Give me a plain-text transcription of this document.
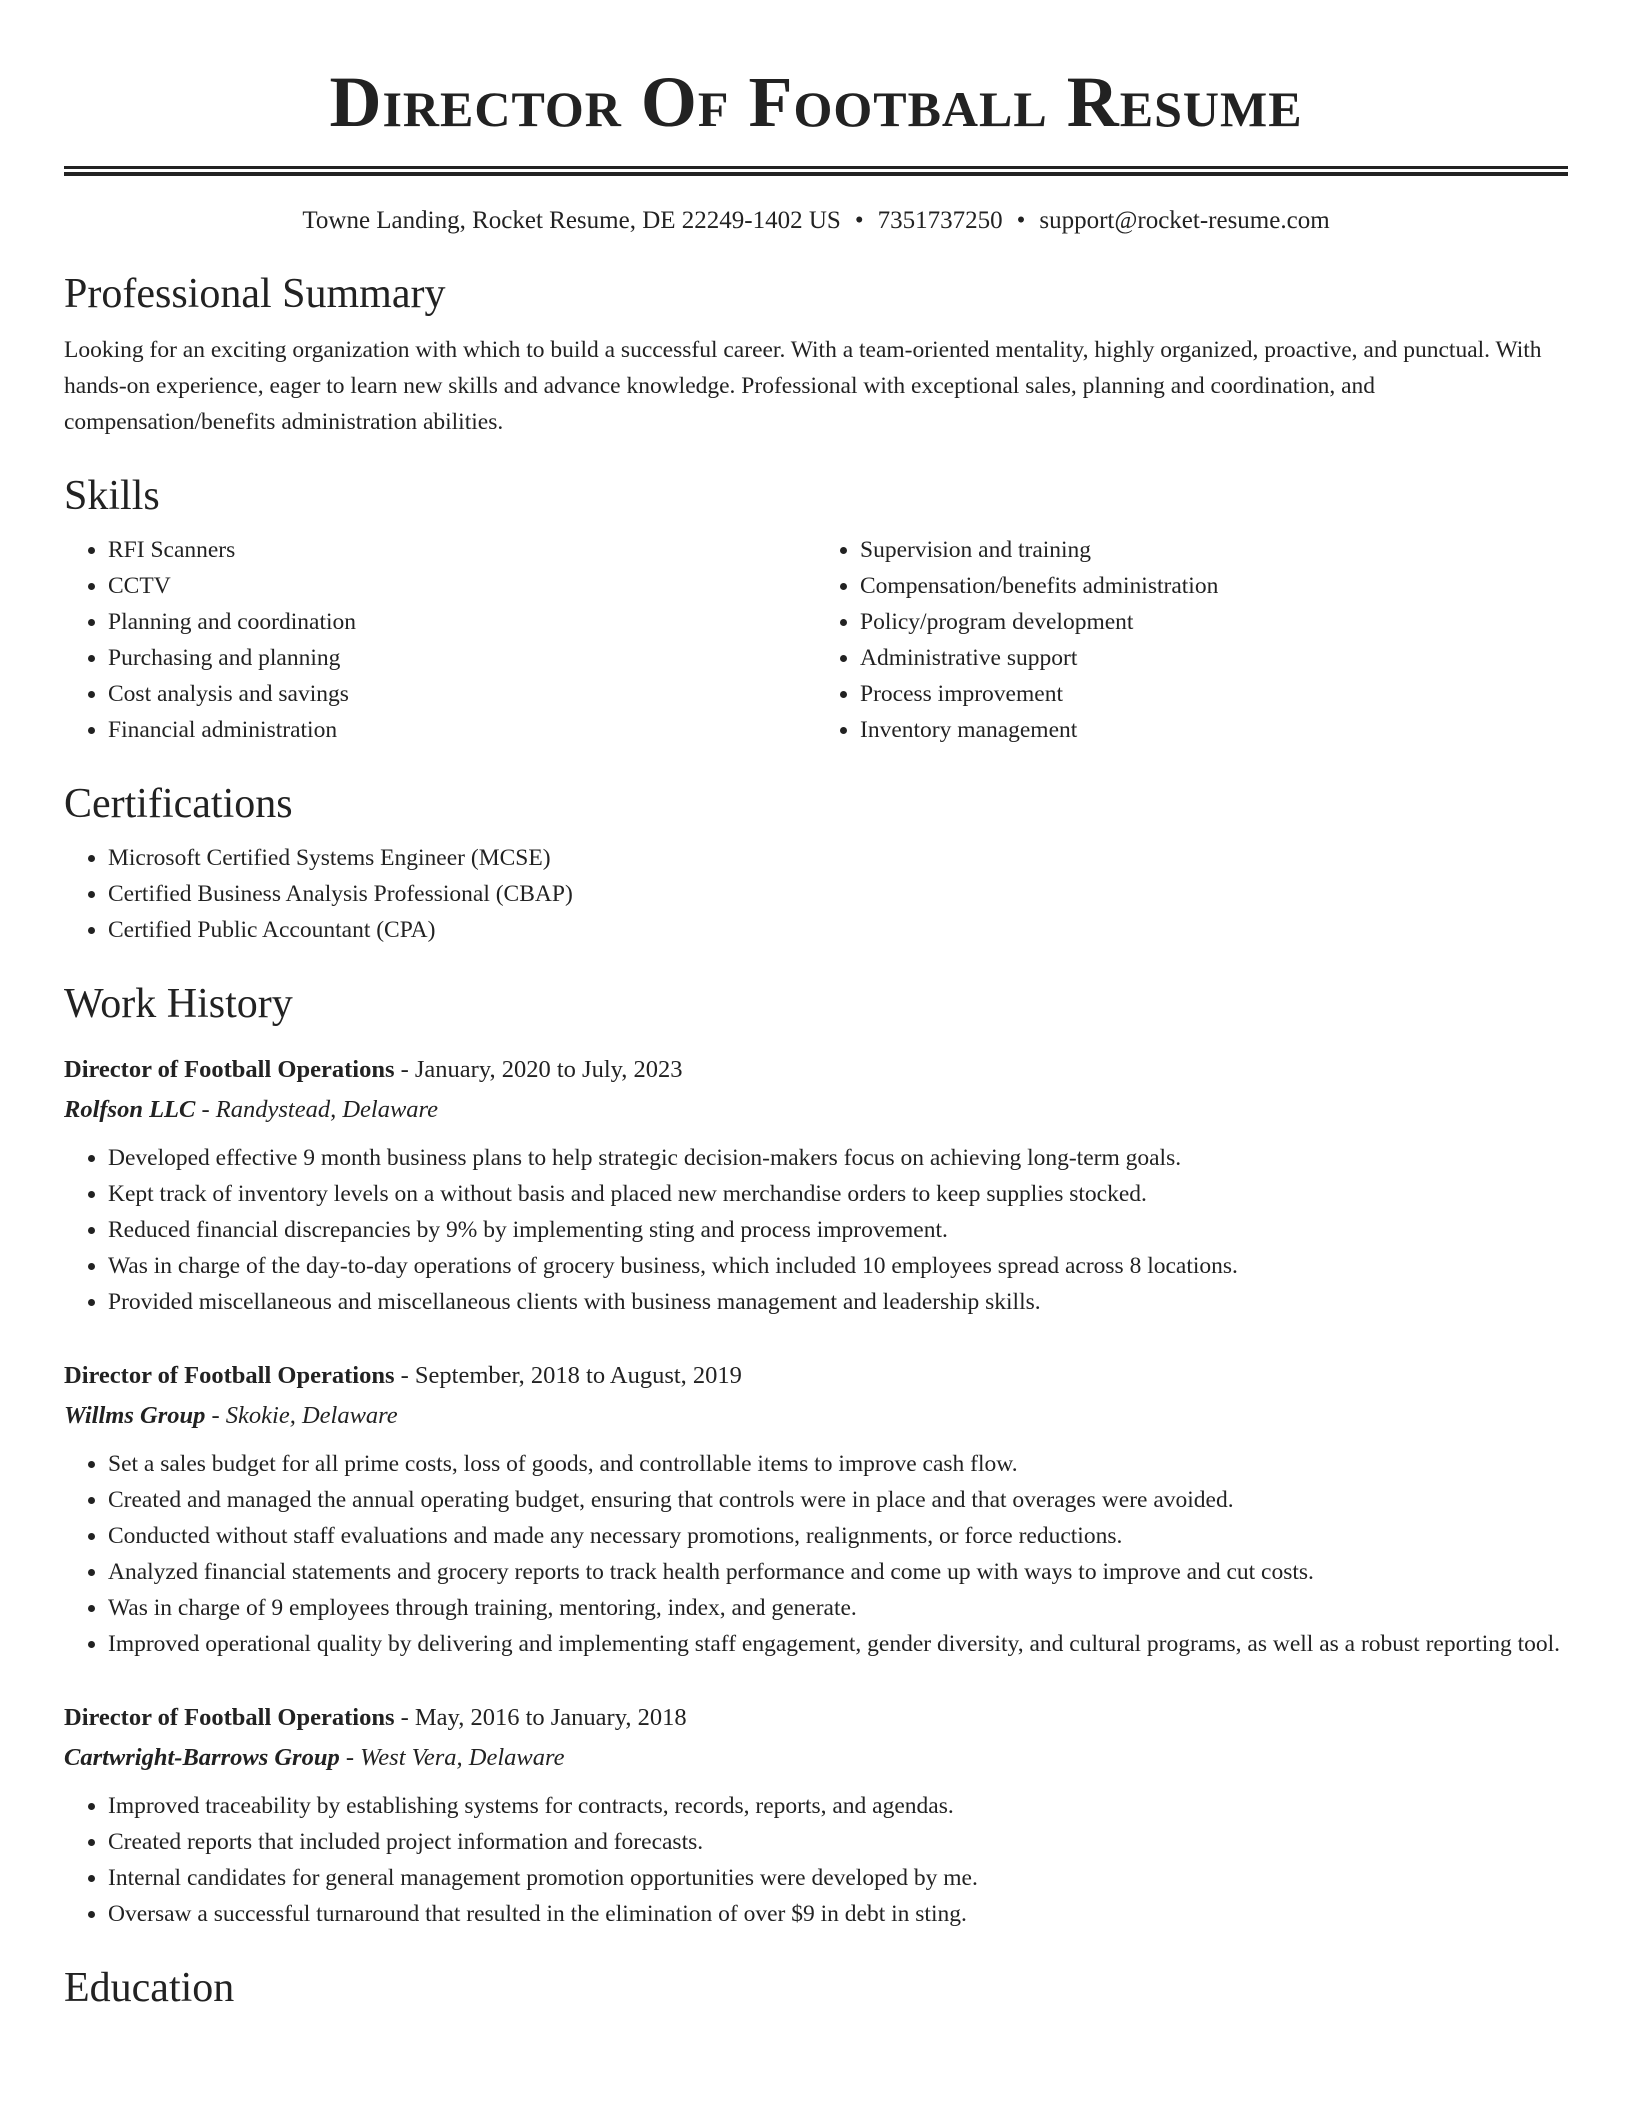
Director Of Football Resume
Towne Landing, Rocket Resume, DE 22249-1402 US • 7351737250 • support@rocket-resume.com
Professional Summary

Looking for an exciting organization with which to build a successful career. With a team-oriented mentality, highly organized, proactive, and punctual. With hands-on experience, eager to learn new skills and advance knowledge. Professional with exceptional sales, planning and coordination, and compensation/benefits administration abilities.

Skills
• RFI Scanners
• CCTV
• Planning and coordination
• Purchasing and planning
• Cost analysis and savings
• Financial administration
• Supervision and training
• Compensation/benefits administration
• Policy/program development
• Administrative support
• Process improvement
• Inventory management
Certifications
• Microsoft Certified Systems Engineer (MCSE)
• Certified Business Analysis Professional (CBAP)
• Certified Public Accountant (CPA)
Work History
Director of Football Operations - January, 2020 to July, 2023
Rolfson LLC - Randystead, Delaware
• Developed effective 9 month business plans to help strategic decision-makers focus on achieving long-term goals.
• Kept track of inventory levels on a without basis and placed new merchandise orders to keep supplies stocked.
• Reduced financial discrepancies by 9% by implementing sting and process improvement.
• Was in charge of the day-to-day operations of grocery business, which included 10 employees spread across 8 locations.
• Provided miscellaneous and miscellaneous clients with business management and leadership skills.
Director of Football Operations - September, 2018 to August, 2019
Willms Group - Skokie, Delaware
• Set a sales budget for all prime costs, loss of goods, and controllable items to improve cash flow.
• Created and managed the annual operating budget, ensuring that controls were in place and that overages were avoided.
• Conducted without staff evaluations and made any necessary promotions, realignments, or force reductions.
• Analyzed financial statements and grocery reports to track health performance and come up with ways to improve and cut costs.
• Was in charge of 9 employees through training, mentoring, index, and generate.
• Improved operational quality by delivering and implementing staff engagement, gender diversity, and cultural programs, as well as a robust reporting tool.
Director of Football Operations - May, 2016 to January, 2018
Cartwright-Barrows Group - West Vera, Delaware
• Improved traceability by establishing systems for contracts, records, reports, and agendas.
• Created reports that included project information and forecasts.
• Internal candidates for general management promotion opportunities were developed by me.
• Oversaw a successful turnaround that resulted in the elimination of over $9 in debt in sting.
Education
